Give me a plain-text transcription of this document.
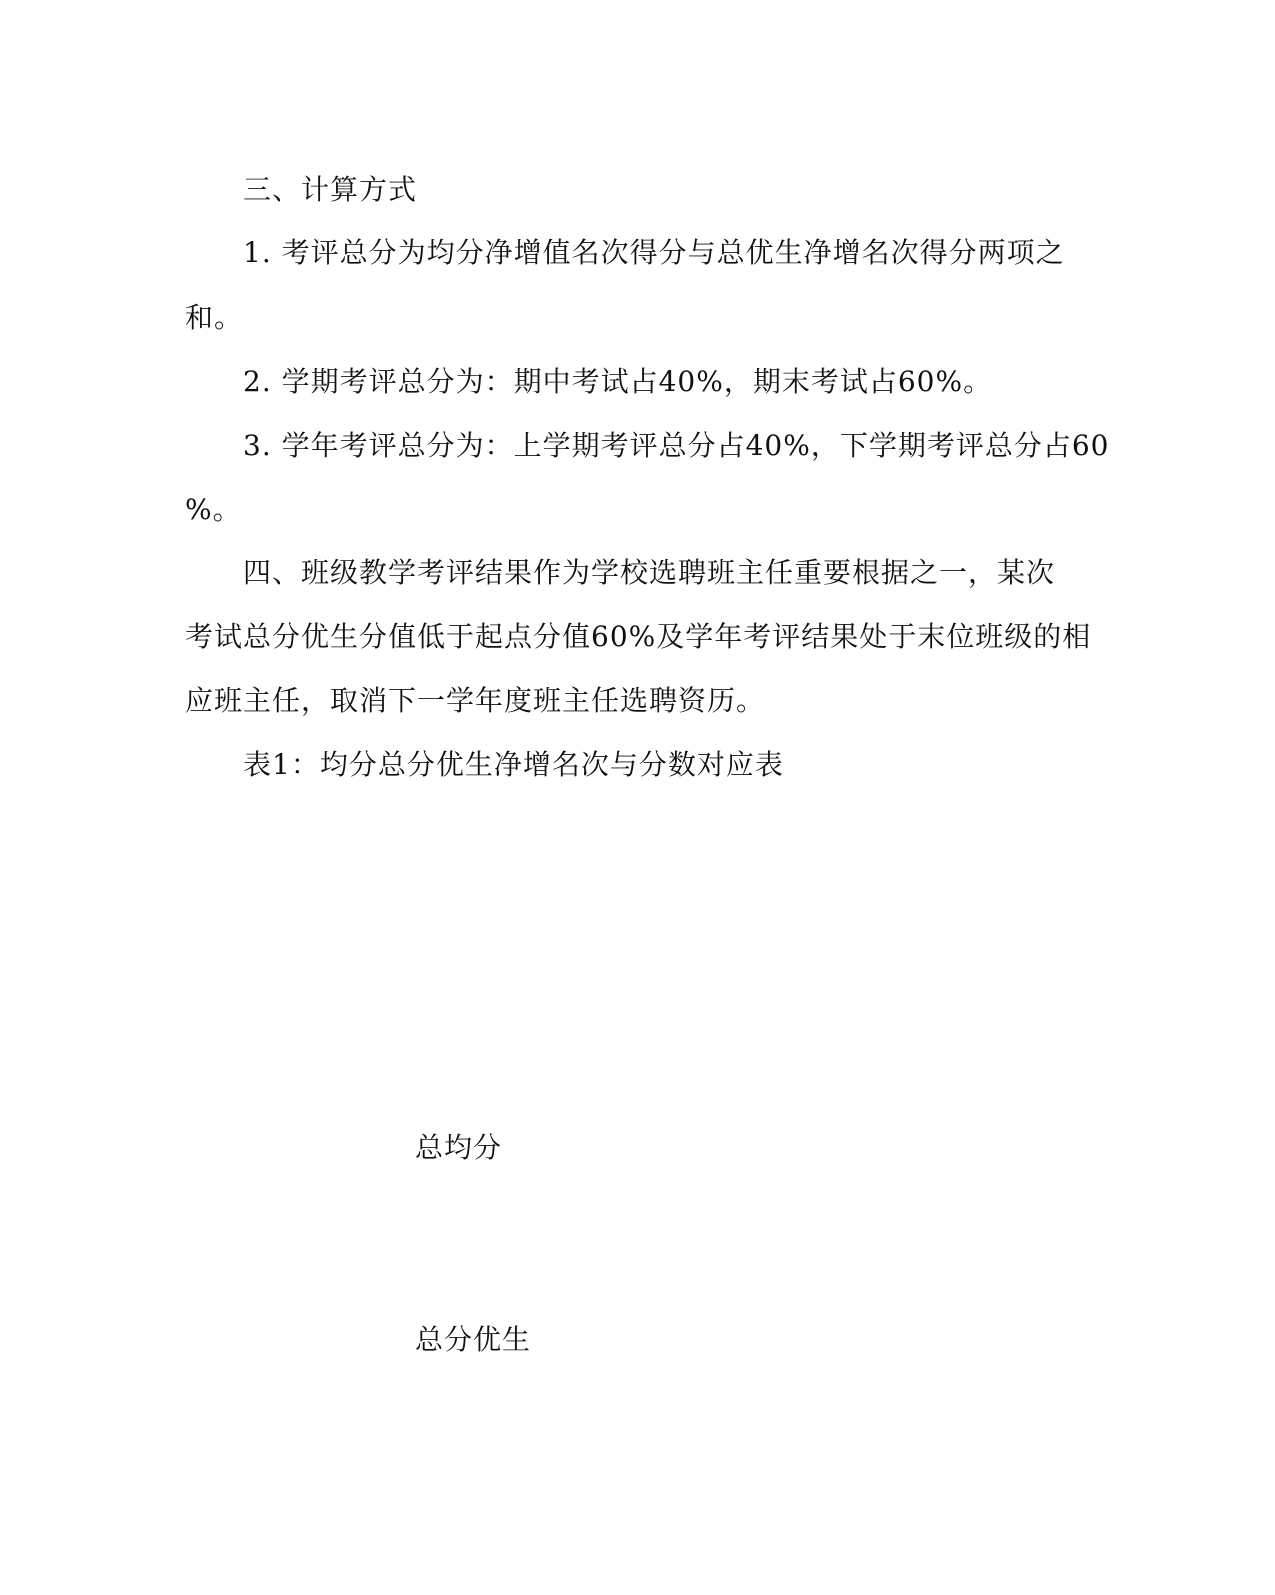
三、计算方式
1. 考评总分为均分净增值名次得分与总优生净增名次得分两项之
和。
2. 学期考评总分为：期中考试占40%，期末考试占60%。
3. 学年考评总分为：上学期考评总分占40%，下学期考评总分占60
%。
四、班级教学考评结果作为学校选聘班主任重要根据之一，某次
考试总分优生分值低于起点分值60%及学年考评结果处于末位班级的相
应班主任，取消下一学年度班主任选聘资历。
表1：均分总分优生净增名次与分数对应表
总均分
总分优生
